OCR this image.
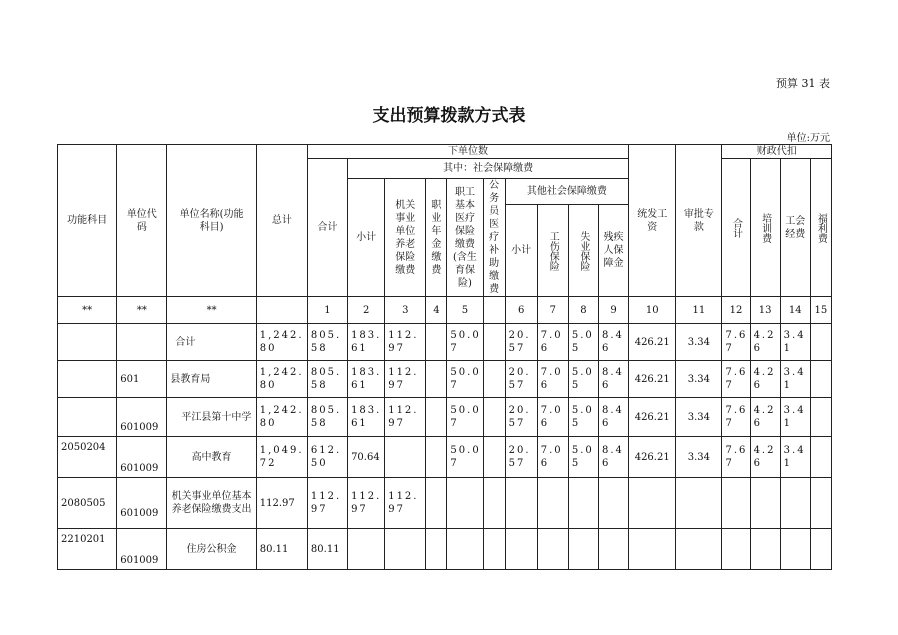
预算 31 表
支出预算拨款方式表
单位:万元
功能科目	单位代码	单位名称(功能科目)	总计	下单位数										统发工资	审批专款	财政代扣			
				合计	其中：社会保障缴费											合计	培训费	工会经费	福利费

					小计	机关事业单位养老保险缴费	职业年金缴费	职工基本医疗保险缴费(含生育保险)	公务员医疗补助缴费	其他社会保障缴费									
										小计	工伤保险	失业保险	残疾人保障金						

**	**	**		1	2	3	4	5		6	7	8	9	10	11	12	13	14	15
		合计	1,242.80	805.58	183.61	112.97		50.07		20.57	7.06	5.05	8.46	426.21	3.34	7.67	4.26	3.41	
	601	县教育局	1,242.80	805.58	183.61	112.97		50.07		20.57	7.06	5.05	8.46	426.21	3.34	7.67	4.26	3.41	
	601009	平江县第十中学	1,242.80	805.58	183.61	112.97		50.07		20.57	7.06	5.05	8.46	426.21	3.34	7.67	4.26	3.41	
2050204	601009	高中教育	1,049.72	612.50	70.64			50.07		20.57	7.06	5.05	8.46	426.21	3.34	7.67	4.26	3.41	
2080505	601009	机关事业单位基本养老保险缴费支出	112.97	112.97	112.97	112.97													
2210201	601009	住房公积金	80.11	80.11															
